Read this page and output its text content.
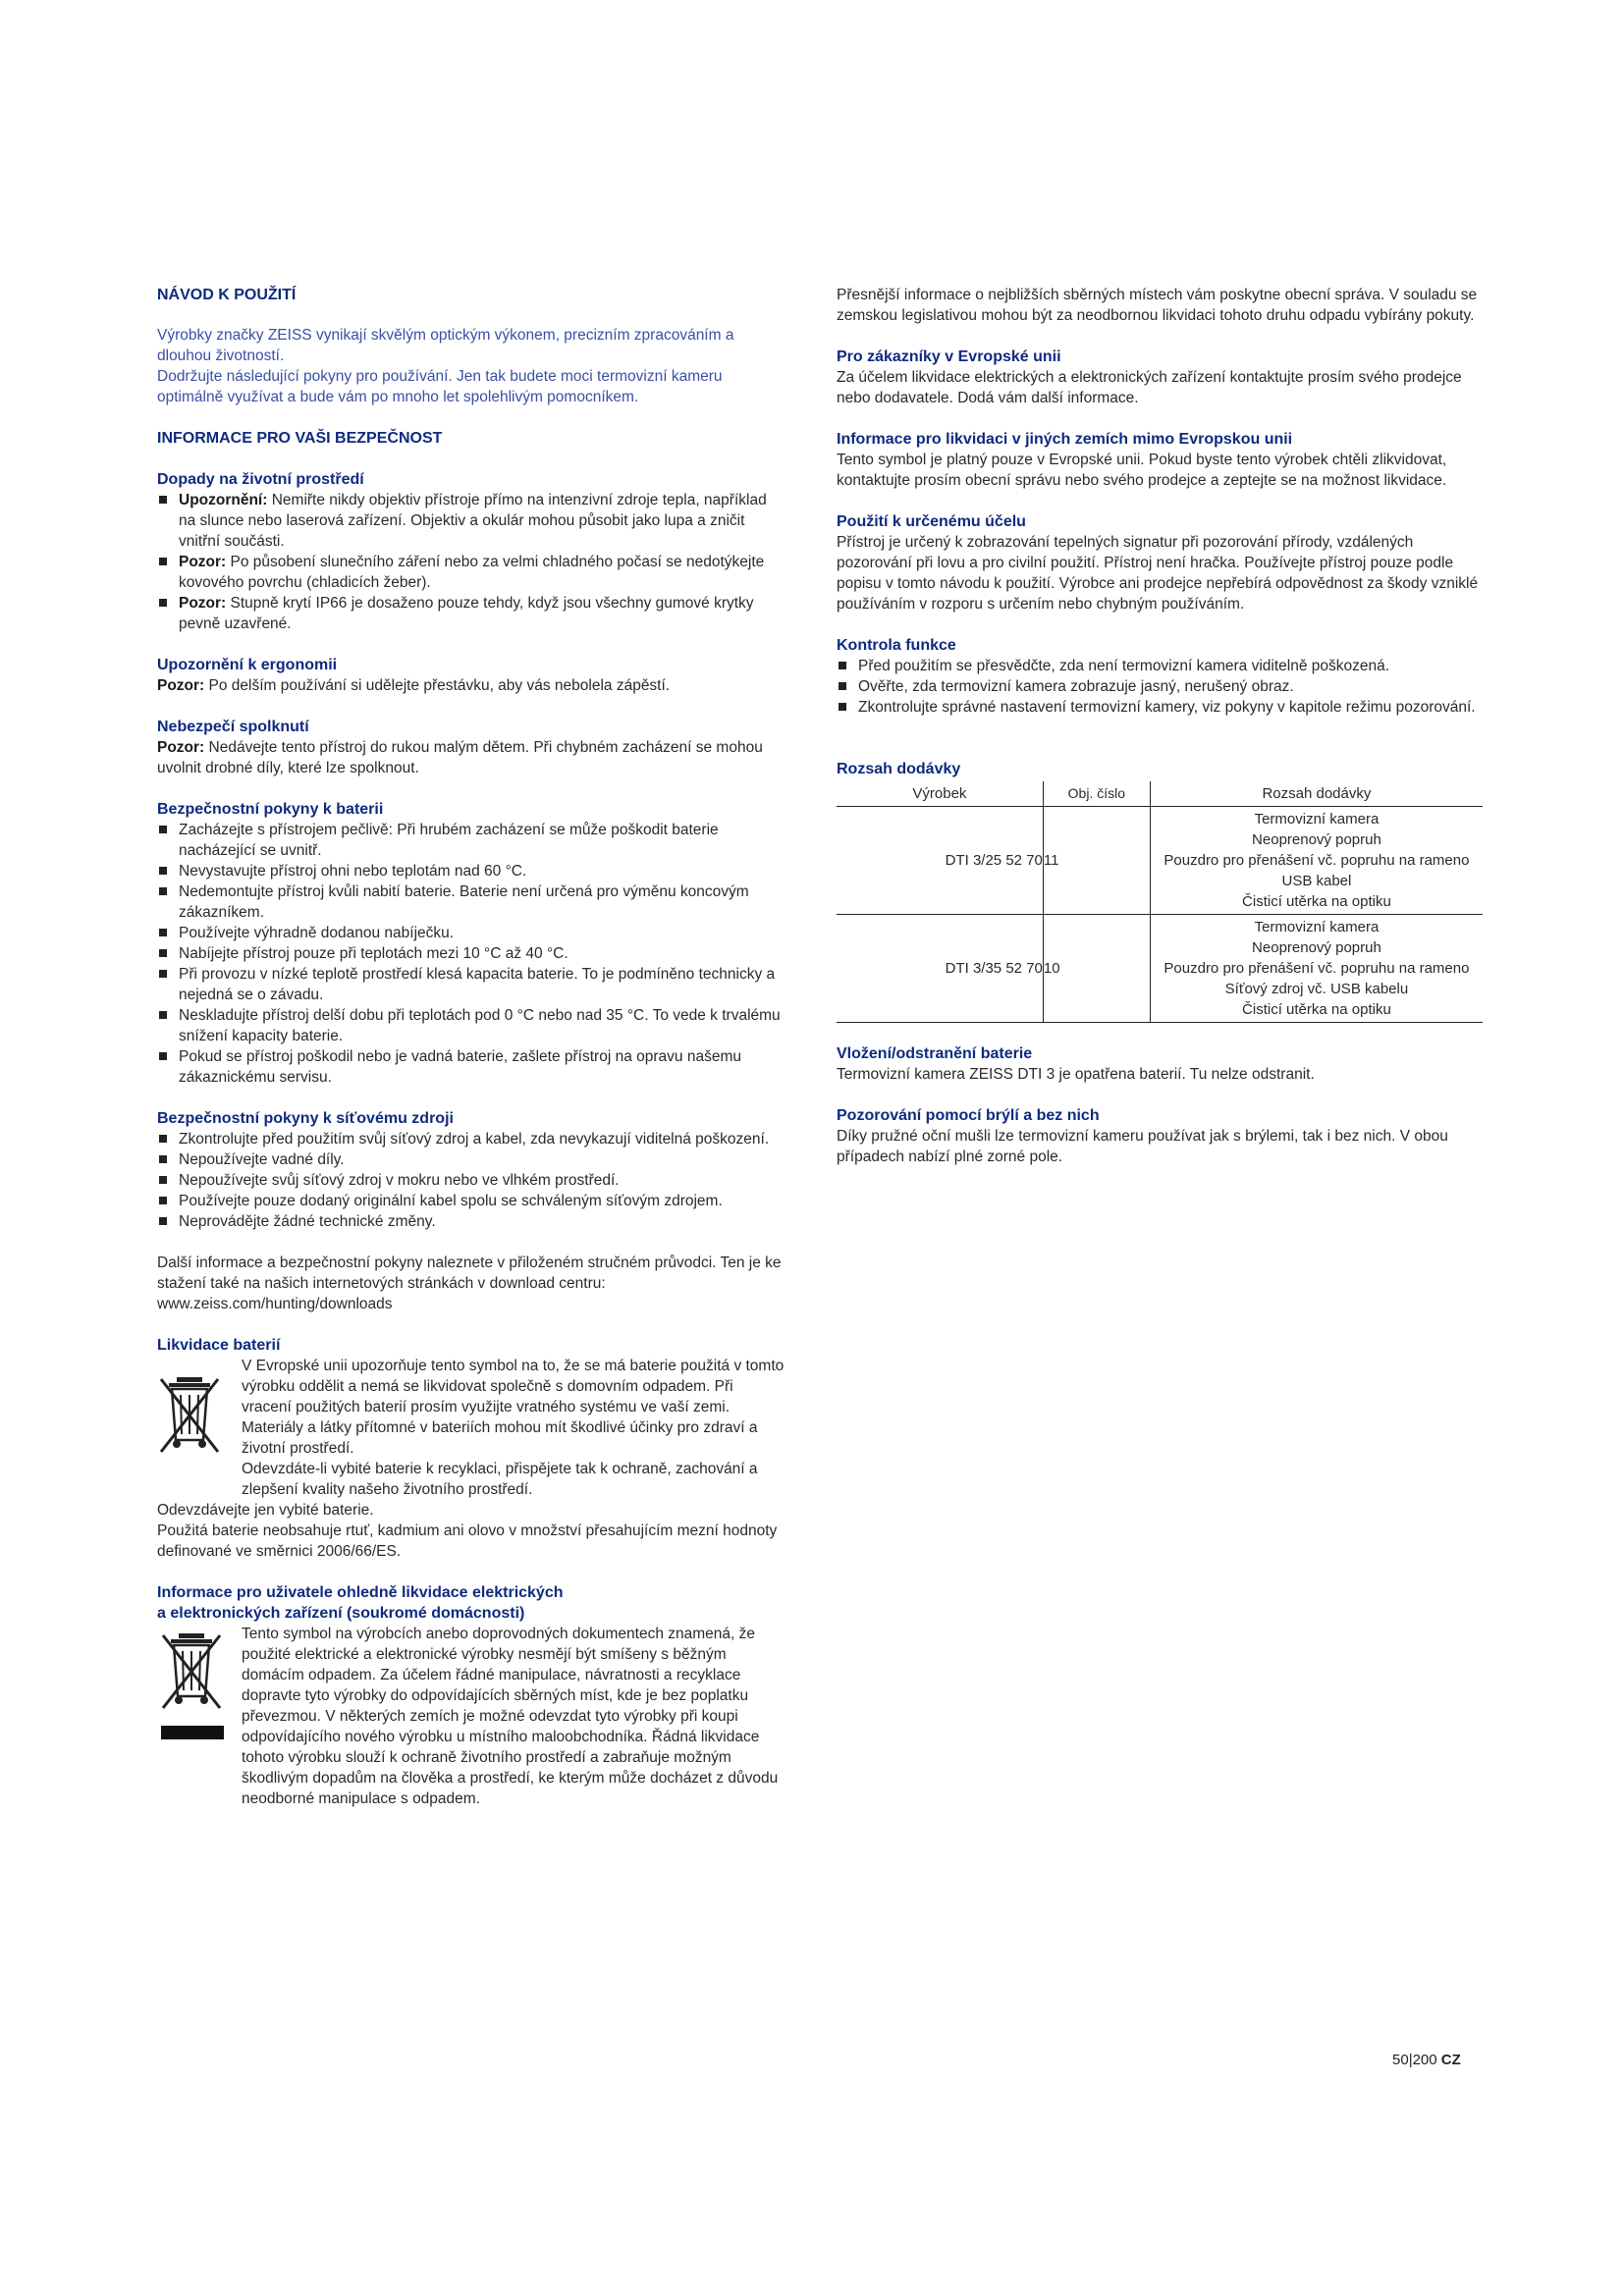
NÁVOD K POUŽITÍ

Výrobky značky ZEISS vynikají skvělým optickým výkonem, precizním zpracováním a dlouhou životností.

Dodržujte následující pokyny pro používání. Jen tak budete moci termovizní kameru optimálně využívat a bude vám po mnoho let spolehlivým pomocníkem.

INFORMACE PRO VAŠI BEZPEČNOST
Dopady na životní prostředí
Upozornění: Nemiřte nikdy objektiv přístroje přímo na intenzivní zdroje tepla, například na slunce nebo laserová zařízení. Objektiv a okulár mohou působit jako lupa a zničit vnitřní součásti.
Pozor: Po působení slunečního záření nebo za velmi chladného počasí se nedotýkejte kovového povrchu (chladicích žeber).
Pozor: Stupně krytí IP66 je dosaženo pouze tehdy, když jsou všechny gumové krytky pevně uzavřené.
Upozornění k ergonomii

Pozor: Po delším používání si udělejte přestávku, aby vás nebolela zápěstí.

Nebezpečí spolknutí

Pozor: Nedávejte tento přístroj do rukou malým dětem. Při chybném zacházení se mohou uvolnit drobné díly, které lze spolknout.

Bezpečnostní pokyny k baterii
Zacházejte s přístrojem pečlivě: Při hrubém zacházení se může poškodit baterie nacházející se uvnitř.
Nevystavujte přístroj ohni nebo teplotám nad 60 °C.
Nedemontujte přístroj kvůli nabití baterie. Baterie není určená pro výměnu koncovým zákazníkem.
Používejte výhradně dodanou nabíječku.
Nabíjejte přístroj pouze při teplotách mezi 10 °C až 40 °C.
Při provozu v nízké teplotě prostředí klesá kapacita baterie. To je podmíněno technicky a nejedná se o závadu.
Neskladujte přístroj delší dobu při teplotách pod 0 °C nebo nad 35 °C. To vede k trvalému snížení kapacity baterie.
Pokud se přístroj poškodil nebo je vadná baterie, zašlete přístroj na opravu našemu zákaznickému servisu.
Bezpečnostní pokyny k síťovému zdroji
Zkontrolujte před použitím svůj síťový zdroj a kabel, zda nevykazují viditelná poškození.
Nepoužívejte vadné díly.
Nepoužívejte svůj síťový zdroj v mokru nebo ve vlhkém prostředí.
Používejte pouze dodaný originální kabel spolu se schváleným síťovým zdrojem.
Neprovádějte žádné technické změny.

Další informace a bezpečnostní pokyny naleznete v přiloženém stručném průvodci. Ten je ke stažení také na našich internetových stránkách v download centru: www.zeiss.com/hunting/downloads

Likvidace baterií

V Evropské unii upozorňuje tento symbol na to, že se má baterie použitá v tomto výrobku oddělit a nemá se likvidovat společně s domovním odpadem. Při vracení použitých baterií prosím využijte vratného systému ve vaší zemi.

Materiály a látky přítomné v bateriích mohou mít škodlivé účinky pro zdraví a životní prostředí.

Odevzdáte-li vybité baterie k recyklaci, přispějete tak k ochraně, zachování a zlepšení kvality našeho životního prostředí.

Odevzdávejte jen vybité baterie.

Použitá baterie neobsahuje rtuť, kadmium ani olovo v množství přesahujícím mezní hodnoty definované ve směrnici 2006/66/ES.

Informace pro uživatele ohledně likvidace elektrických
a elektronických zařízení (soukromé domácnosti)

Tento symbol na výrobcích anebo doprovodných dokumentech znamená, že použité elektrické a elektronické výrobky nesmějí být smíšeny s běžným domácím odpadem. Za účelem řádné manipulace, návratnosti a recyklace dopravte tyto výrobky do odpovídajících sběrných míst, kde je bez poplatku převezmou. V některých zemích je možné odevzdat tyto výrobky při koupi odpovídajícího nového výrobku u místního maloobchodníka. Řádná likvidace tohoto výrobku slouží k ochraně životního prostředí a zabraňuje možným škodlivým dopadům na člověka a prostředí, ke kterým může docházet z důvodu neodborné manipulace s odpadem.

Přesnější informace o nejbližších sběrných místech vám poskytne obecní správa. V souladu se zemskou legislativou mohou být za neodbornou likvidaci tohoto druhu odpadu vybírány pokuty.

Pro zákazníky v Evropské unii

Za účelem likvidace elektrických a elektronických zařízení kontaktujte prosím svého prodejce nebo dodavatele. Dodá vám další informace.

Informace pro likvidaci v jiných zemích mimo Evropskou unii

Tento symbol je platný pouze v Evropské unii. Pokud byste tento výrobek chtěli zlikvidovat, kontaktujte prosím obecní správu nebo svého prodejce a zeptejte se na možnost likvidace.

Použití k určenému účelu

Přístroj je určený k zobrazování tepelných signatur při pozorování přírody, vzdálených pozorování při lovu a pro civilní použití. Přístroj není hračka. Používejte přístroj pouze podle popisu v tomto návodu k použití. Výrobce ani prodejce nepřebírá odpovědnost za škody vzniklé používáním v rozporu s určením nebo chybným používáním.

Kontrola funkce
Před použitím se přesvědčte, zda není termovizní kamera viditelně poškozená.
Ověřte, zda termovizní kamera zobrazuje jasný, nerušený obraz.
Zkontrolujte správné nastavení termovizní kamery, viz pokyny v kapitole režimu pozorování.
Rozsah dodávky
Výrobek	Obj. číslo	Rozsah dodávky
DTI 3/25 52 70	11	Termovizní kamera
Neoprenový popruh
Pouzdro pro přenášení vč. popruhu na rameno
USB kabel
Čisticí utěrka na optiku

DTI 3/35 52 70	10	Termovizní kamera
Neoprenový popruh
Pouzdro pro přenášení vč. popruhu na rameno
Síťový zdroj vč. USB kabelu
Čisticí utěrka na optiku
Vložení/odstranění baterie

Termovizní kamera ZEISS DTI 3 je opatřena baterií. Tu nelze odstranit.

Pozorování pomocí brýlí a bez nich

Díky pružné oční mušli lze termovizní kameru používat jak s brýlemi, tak i bez nich. V obou případech nabízí plné zorné pole.

50|200 CZ
